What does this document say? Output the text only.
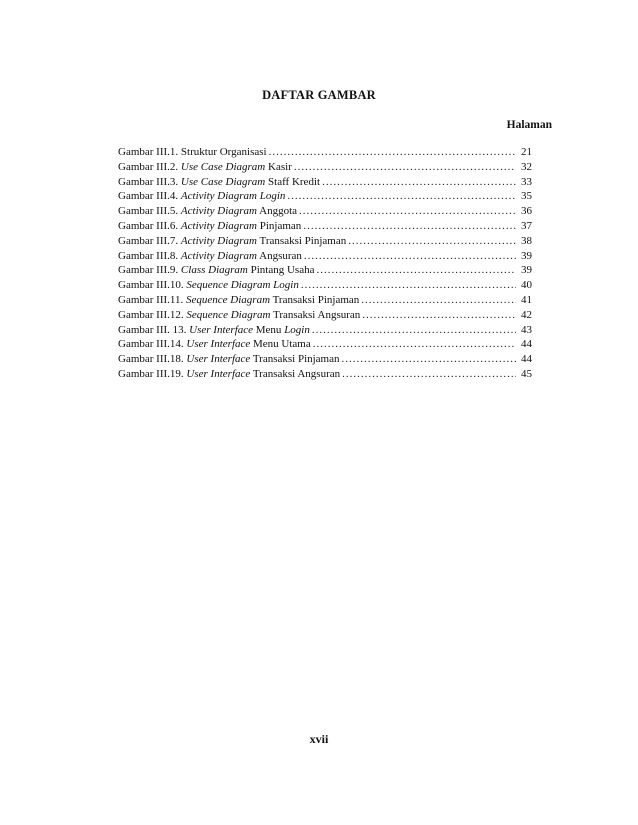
DAFTAR GAMBAR
Halaman
Gambar III.1. Struktur Organisasi .....	21
Gambar III.2. Use Case Diagram Kasir .....	32
Gambar III.3. Use Case Diagram Staff Kredit .....	33
Gambar III.4. Activity Diagram Login .....	35
Gambar III.5. Activity Diagram Anggota .....	36
Gambar III.6. Activity Diagram Pinjaman .....	37
Gambar III.7. Activity Diagram Transaksi Pinjaman .....	38
Gambar III.8. Activity Diagram Angsuran .....	39
Gambar III.9. Class Diagram Pintang Usaha .....	39
Gambar III.10. Sequence Diagram Login .....	40
Gambar III.11. Sequence Diagram Transaksi Pinjaman .....	41
Gambar III.12. Sequence Diagram Transaksi Angsuran .....	42
Gambar III. 13. User Interface Menu Login .....	43
Gambar III.14. User Interface Menu Utama .....	44
Gambar III.18. User Interface Transaksi Pinjaman .....	44
Gambar III.19. User Interface Transaksi Angsuran .....	45
xvii
